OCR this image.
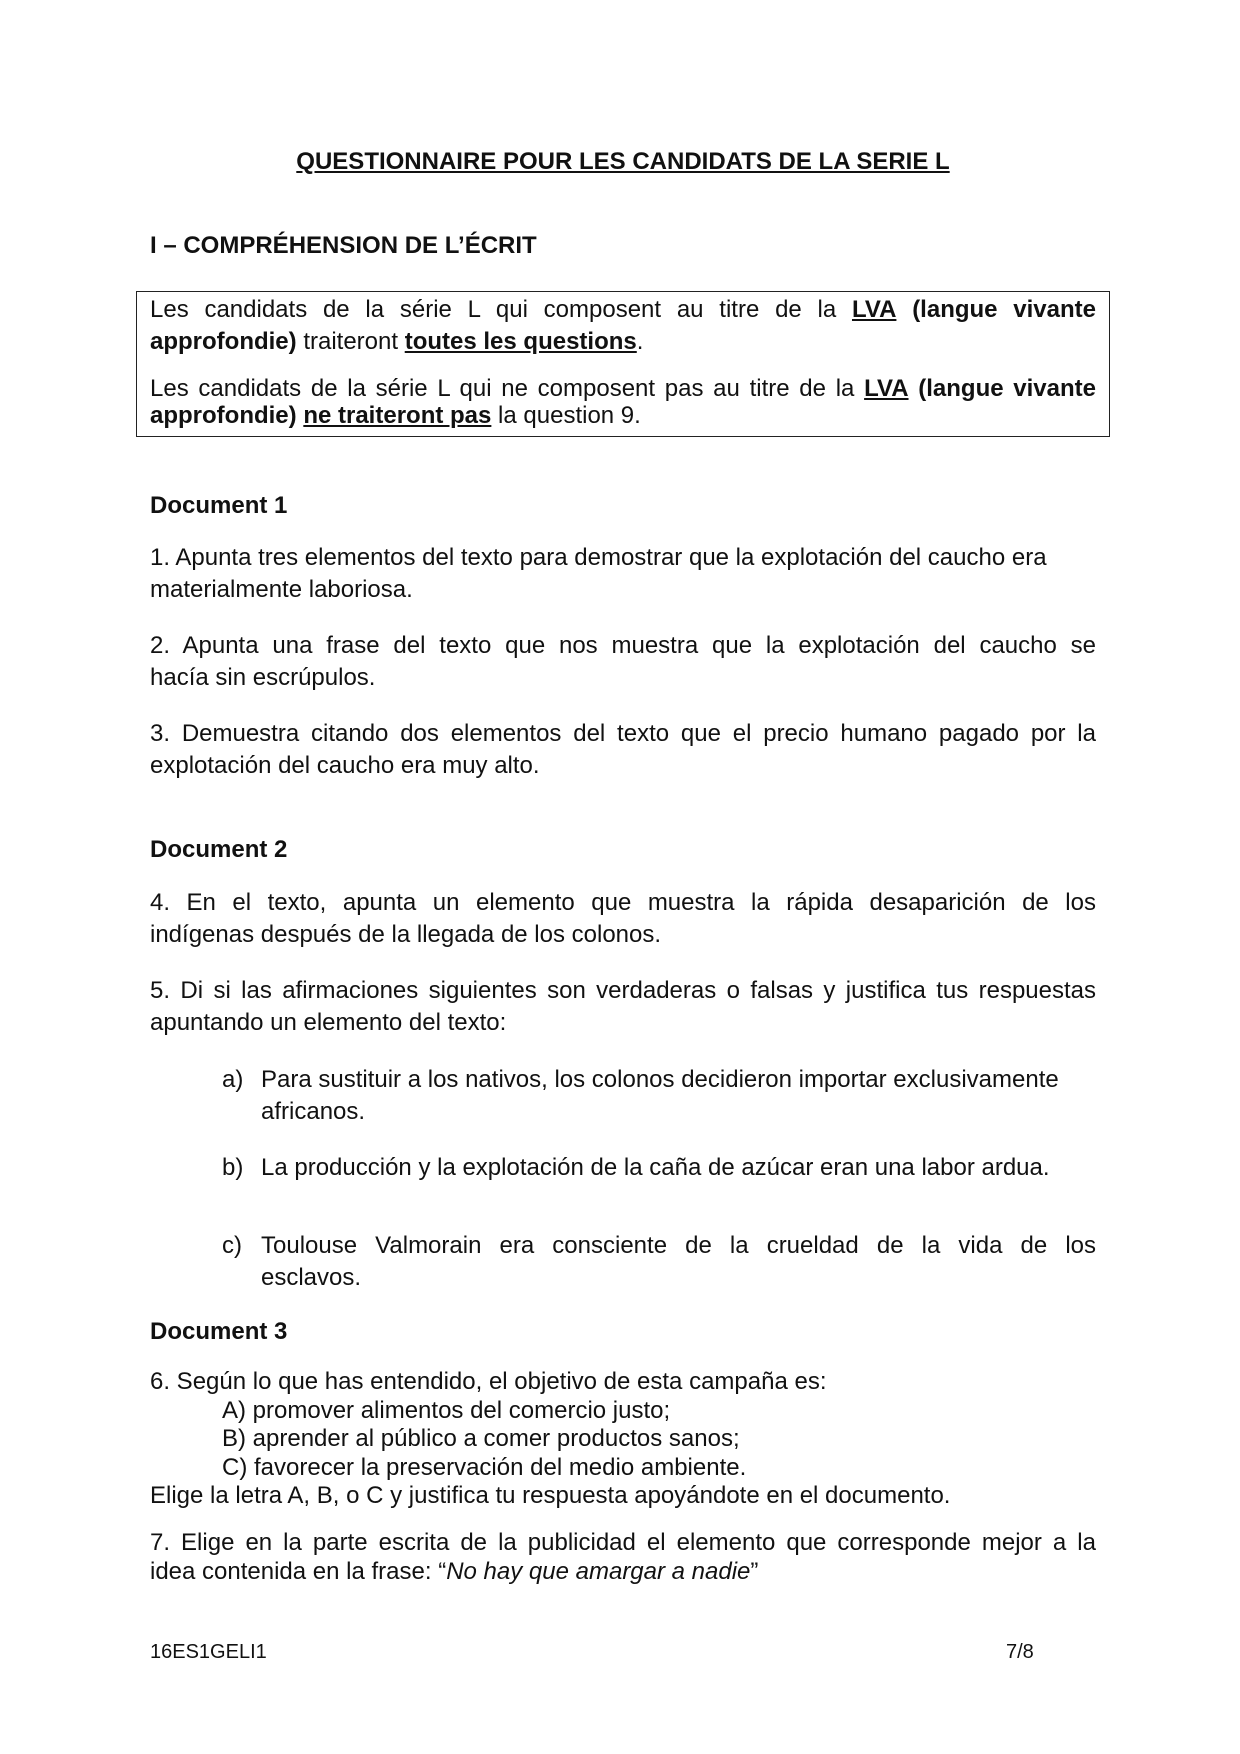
QUESTIONNAIRE POUR LES CANDIDATS DE LA SERIE L
I – COMPRÉHENSION DE L’ÉCRIT
Les candidats de la série L qui composent au titre de la LVA (langue vivante
approfondie) traiteront toutes les questions.
Les candidats de la série L qui ne composent pas au titre de la LVA (langue vivante
approfondie) ne traiteront pas la question 9.
Document 1
1. Apunta tres elementos del texto para demostrar que la explotación del caucho era
materialmente laboriosa.
2. Apunta una frase del texto que nos muestra que la explotación del caucho se
hacía sin escrúpulos.
3. Demuestra citando dos elementos del texto que el precio humano pagado por la
explotación del caucho era muy alto.
Document 2
4. En el texto, apunta un elemento que muestra la rápida desaparición de los
indígenas después de la llegada de los colonos.
5. Di si las afirmaciones siguientes son verdaderas o falsas y justifica tus respuestas
apuntando un elemento del texto:
a) Para sustituir a los nativos, los colonos decidieron importar exclusivamente
africanos.
b) La producción y la explotación de la caña de azúcar eran una labor ardua.
c) Toulouse Valmorain era consciente de la crueldad de la vida de los
esclavos.
Document 3
6. Según lo que has entendido, el objetivo de esta campaña es:
A) promover alimentos del comercio justo;
B) aprender al público a comer productos sanos;
C) favorecer la preservación del medio ambiente.
Elige la letra A, B, o C y justifica tu respuesta apoyándote en el documento.
7. Elige en la parte escrita de la publicidad el elemento que corresponde mejor a la
idea contenida en la frase: “No hay que amargar a nadie”
16ES1GELI1	7/8
